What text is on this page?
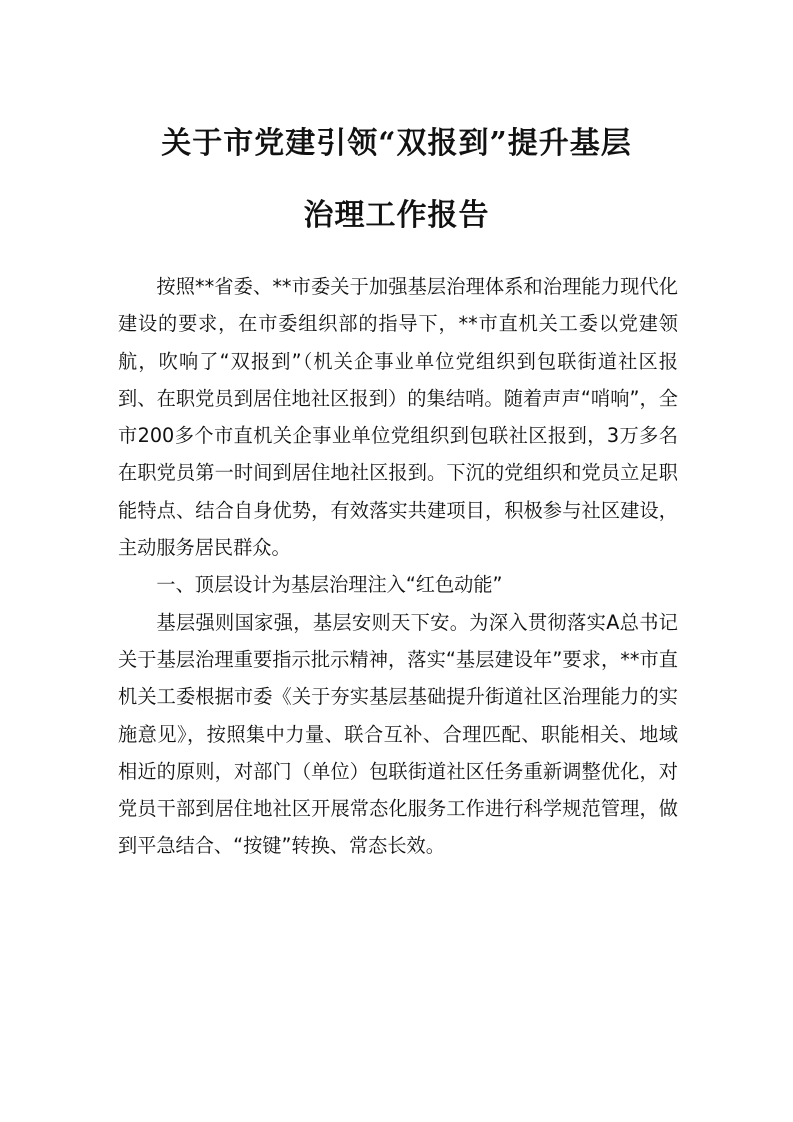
关于市党建引领“双报到”提升基层
治理工作报告

按照**省委、**市委关于加强基层治理体系和治理能力现代化建设的要求，在市委组织部的指导下，**市直机关工委以党建领航，吹响了“双报到”（机关企事业单位党组织到包联街道社区报到、在职党员到居住地社区报到）的集结哨。随着声声“哨响”，全市200多个市直机关企事业单位党组织到包联社区报到，3万多名在职党员第一时间到居住地社区报到。下沉的党组织和党员立足职能特点、结合自身优势，有效落实共建项目，积极参与社区建设，主动服务居民群众。

一、顶层设计为基层治理注入“红色动能”

基层强则国家强，基层安则天下安。为深入贯彻落实A总书记关于基层治理重要指示批示精神，落实“基层建设年”要求，**市直机关工委根据市委《关于夯实基层基础提升街道社区治理能力的实施意见》，按照集中力量、联合互补、合理匹配、职能相关、地域相近的原则，对部门（单位）包联街道社区任务重新调整优化，对党员干部到居住地社区开展常态化服务工作进行科学规范管理，做到平急结合、“按键”转换、常态长效。
